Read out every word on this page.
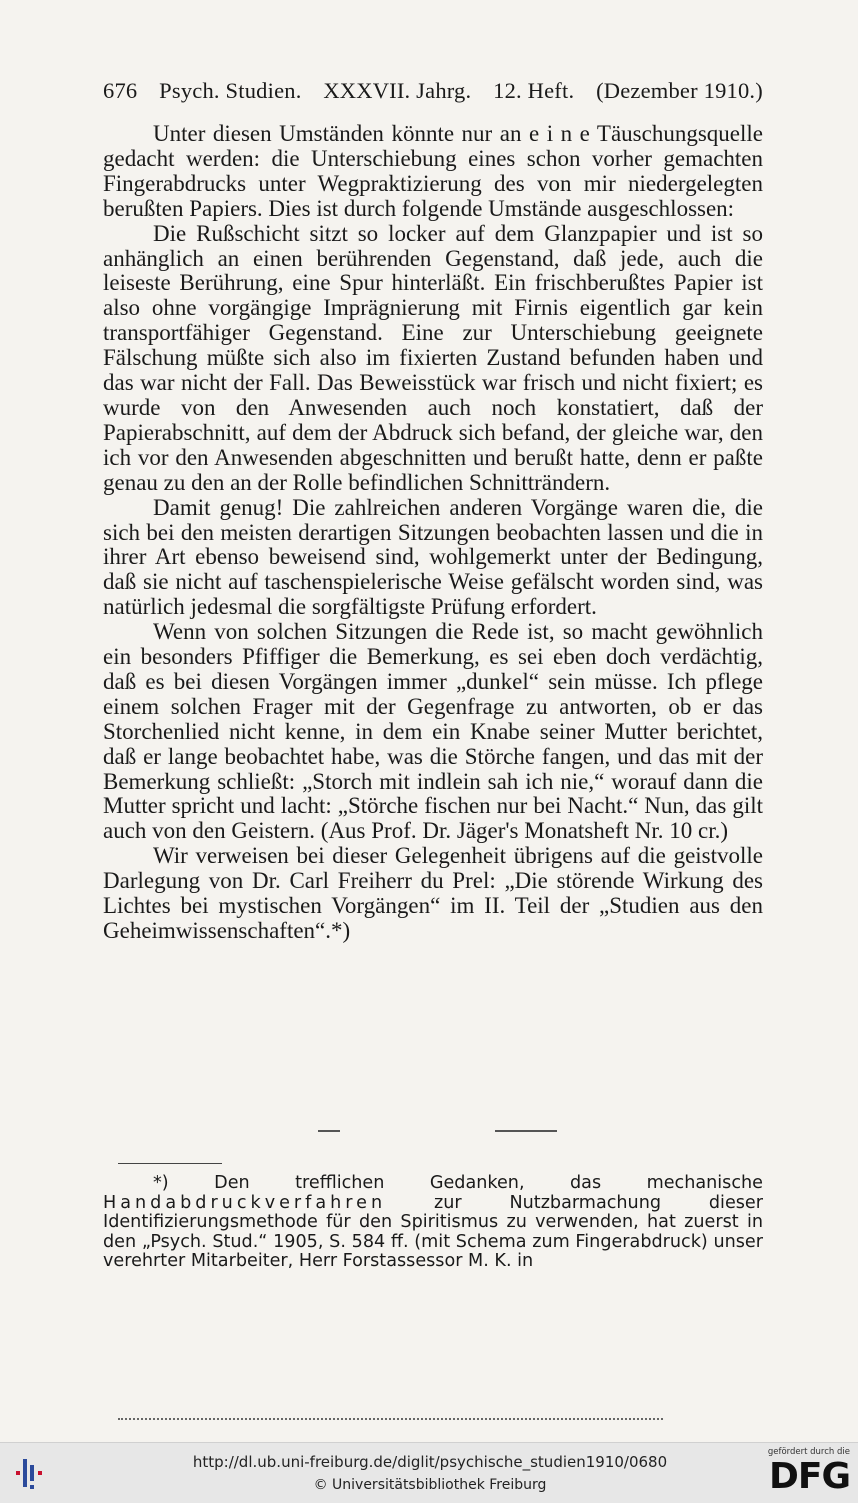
676 Psych. Studien. XXXVII. Jahrg. 12. Heft. (Dezember 1910.)

Unter diesen Umständen könnte nur an e i n e Täuschungsquelle gedacht werden: die Unterschiebung eines schon vorher gemachten Fingerabdrucks unter Wegpraktizierung des von mir niedergelegten berußten Papiers. Dies ist durch folgende Umstände ausgeschlossen:

Die Rußschicht sitzt so locker auf dem Glanzpapier und ist so anhänglich an einen berührenden Gegenstand, daß jede, auch die leiseste Berührung, eine Spur hinterläßt. Ein frischberußtes Papier ist also ohne vorgängige Imprägnierung mit Firnis eigentlich gar kein transportfähiger Gegenstand. Eine zur Unterschiebung geeignete Fälschung müßte sich also im fixierten Zustand befunden haben und das war nicht der Fall. Das Beweisstück war frisch und nicht fixiert; es wurde von den Anwesenden auch noch konstatiert, daß der Papierabschnitt, auf dem der Abdruck sich befand, der gleiche war, den ich vor den Anwesenden abgeschnitten und berußt hatte, denn er paßte genau zu den an der Rolle befindlichen Schnitträndern.

Damit genug! Die zahlreichen anderen Vorgänge waren die, die sich bei den meisten derartigen Sitzungen beobachten lassen und die in ihrer Art ebenso beweisend sind, wohlgemerkt unter der Bedingung, daß sie nicht auf taschenspielerische Weise gefälscht worden sind, was natürlich jedesmal die sorgfältigste Prüfung erfordert.

Wenn von solchen Sitzungen die Rede ist, so macht gewöhnlich ein besonders Pfiffiger die Bemerkung, es sei eben doch verdächtig, daß es bei diesen Vorgängen immer „dunkel“ sein müsse. Ich pflege einem solchen Frager mit der Gegenfrage zu antworten, ob er das Storchenlied nicht kenne, in dem ein Knabe seiner Mutter berichtet, daß er lange beobachtet habe, was die Störche fangen, und das mit der Bemerkung schließt: „Storch mit indlein sah ich nie,“ worauf dann die Mutter spricht und lacht: „Störche fischen nur bei Nacht.“ Nun, das gilt auch von den Geistern. (Aus Prof. Dr. Jäger's Monatsheft Nr. 10 cr.)

Wir verweisen bei dieser Gelegenheit übrigens auf die geistvolle Darlegung von Dr. Carl Freiherr du Prel: „Die störende Wirkung des Lichtes bei mystischen Vorgängen“ im II. Teil der „Studien aus den Geheimwissenschaften“.*)

*)	Den trefflichen Gedanken, das mechanische Handabdruckverfahren	zur Nutzbarmachung dieser Identifizierungsmethode für den Spiritismus zu verwenden, hat zuerst in den „Psych. Stud.“ 1905, S. 584 ff. (mit Schema zum Fingerabdruck) unser verehrter Mitarbeiter, Herr Forstassessor M. K. in

http://dl.ub.uni-freiburg.de/diglit/psychische_studien1910/0680
© Universitätsbibliothek Freiburg
gefördert durch die
DFG
